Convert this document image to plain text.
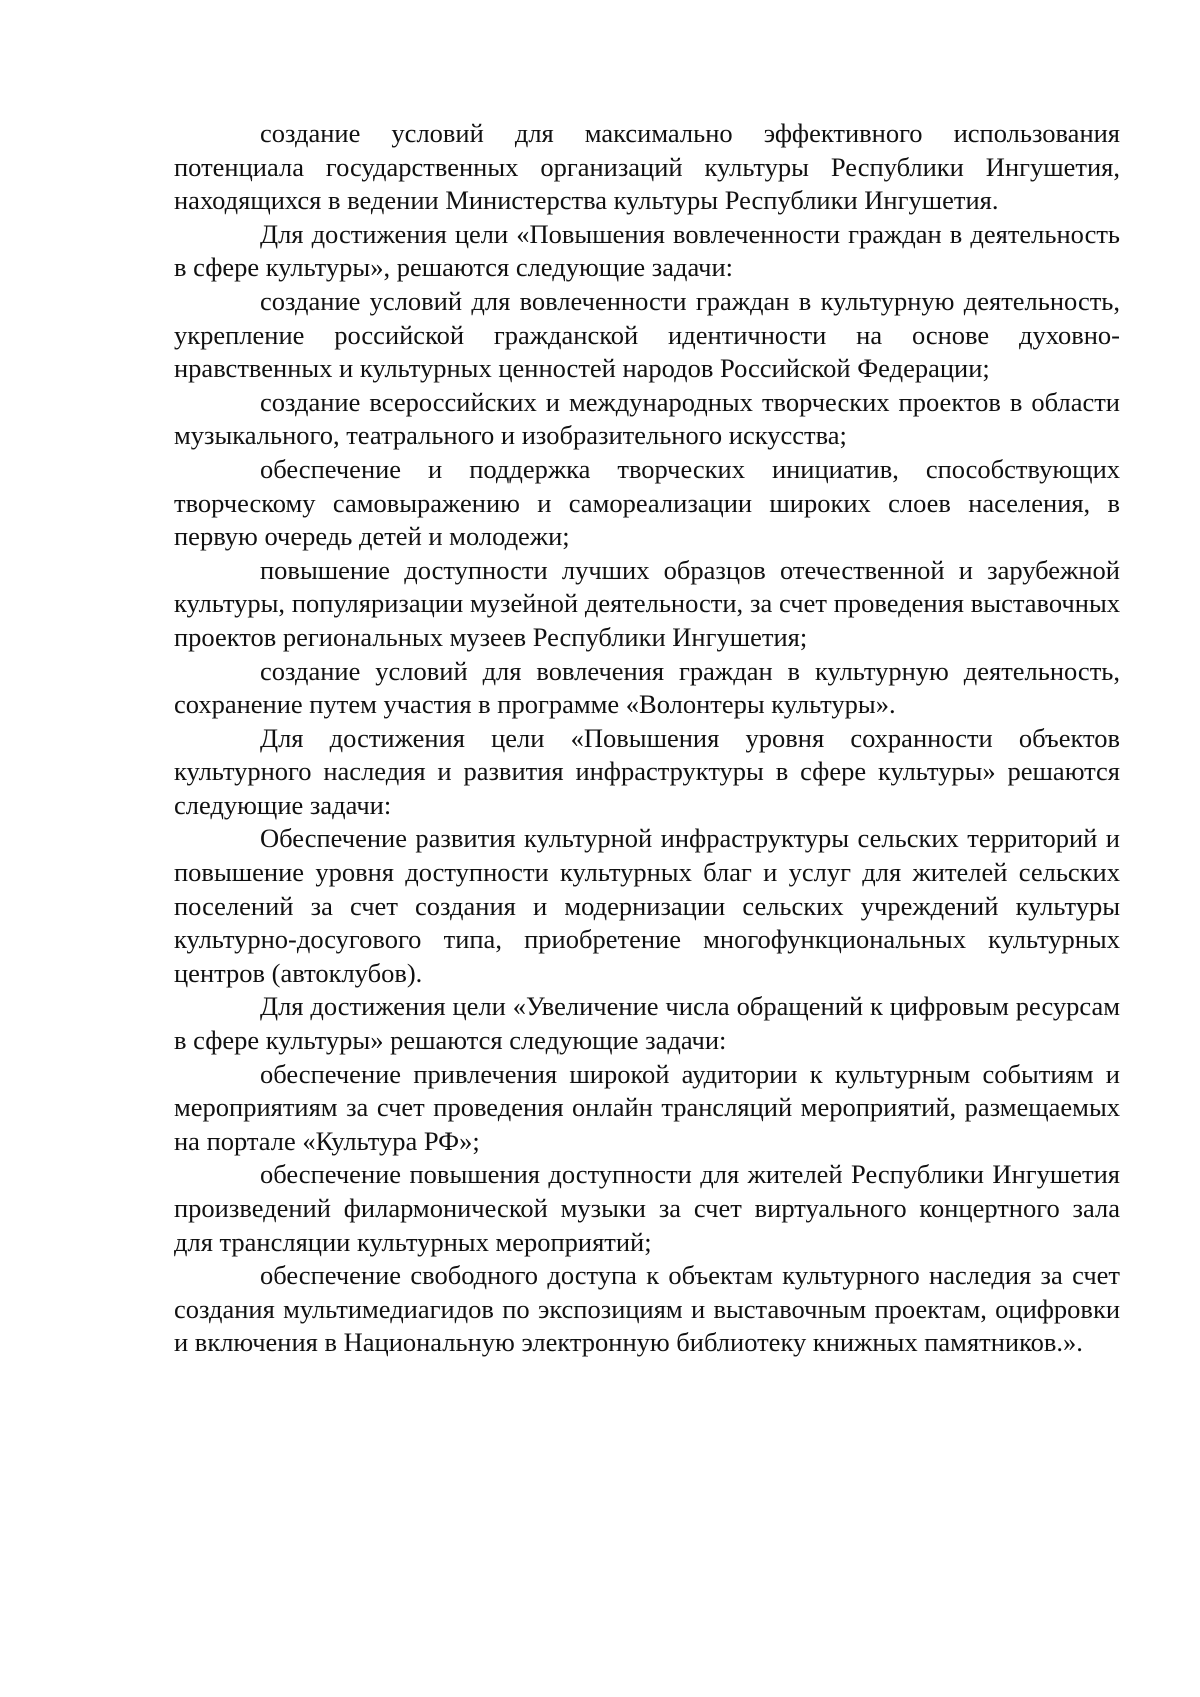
создание условий для максимально эффективного использования потенциала государственных организаций культуры Республики Ингушетия, находящихся в ведении Министерства культуры Республики Ингушетия.

Для достижения цели «Повышения вовлеченности граждан в деятельность в сфере культуры», решаются следующие задачи:

создание условий для вовлеченности граждан в культурную деятельность, укрепление российской гражданской идентичности на основе духовно-нравственных и культурных ценностей народов Российской Федерации;

создание всероссийских и международных творческих проектов в области музыкального, театрального и изобразительного искусства;

обеспечение и поддержка творческих инициатив, способствующих творческому самовыражению и самореализации широких слоев населения, в первую очередь детей и молодежи;

повышение доступности лучших образцов отечественной и зарубежной культуры, популяризации музейной деятельности, за счет проведения выставочных проектов региональных музеев Республики Ингушетия;

создание условий для вовлечения граждан в культурную деятельность, сохранение путем участия в программе «Волонтеры культуры».

Для достижения цели «Повышения уровня сохранности объектов культурного наследия и развития инфраструктуры в сфере культуры» решаются следующие задачи:

Обеспечение развития культурной инфраструктуры сельских территорий и повышение уровня доступности культурных благ и услуг для жителей сельских поселений за счет создания и модернизации сельских учреждений культуры культурно-досугового типа, приобретение многофункциональных культурных центров (автоклубов).

Для достижения цели «Увеличение числа обращений к цифровым ресурсам в сфере культуры» решаются следующие задачи:

обеспечение привлечения широкой аудитории к культурным событиям и мероприятиям за счет проведения онлайн трансляций мероприятий, размещаемых на портале «Культура РФ»;

обеспечение повышения доступности для жителей Республики Ингушетия произведений филармонической музыки за счет виртуального концертного зала для трансляции культурных мероприятий;

обеспечение свободного доступа к объектам культурного наследия за счет создания мультимедиагидов по экспозициям и выставочным проектам, оцифровки и включения в Национальную электронную библиотеку книжных памятников.».
